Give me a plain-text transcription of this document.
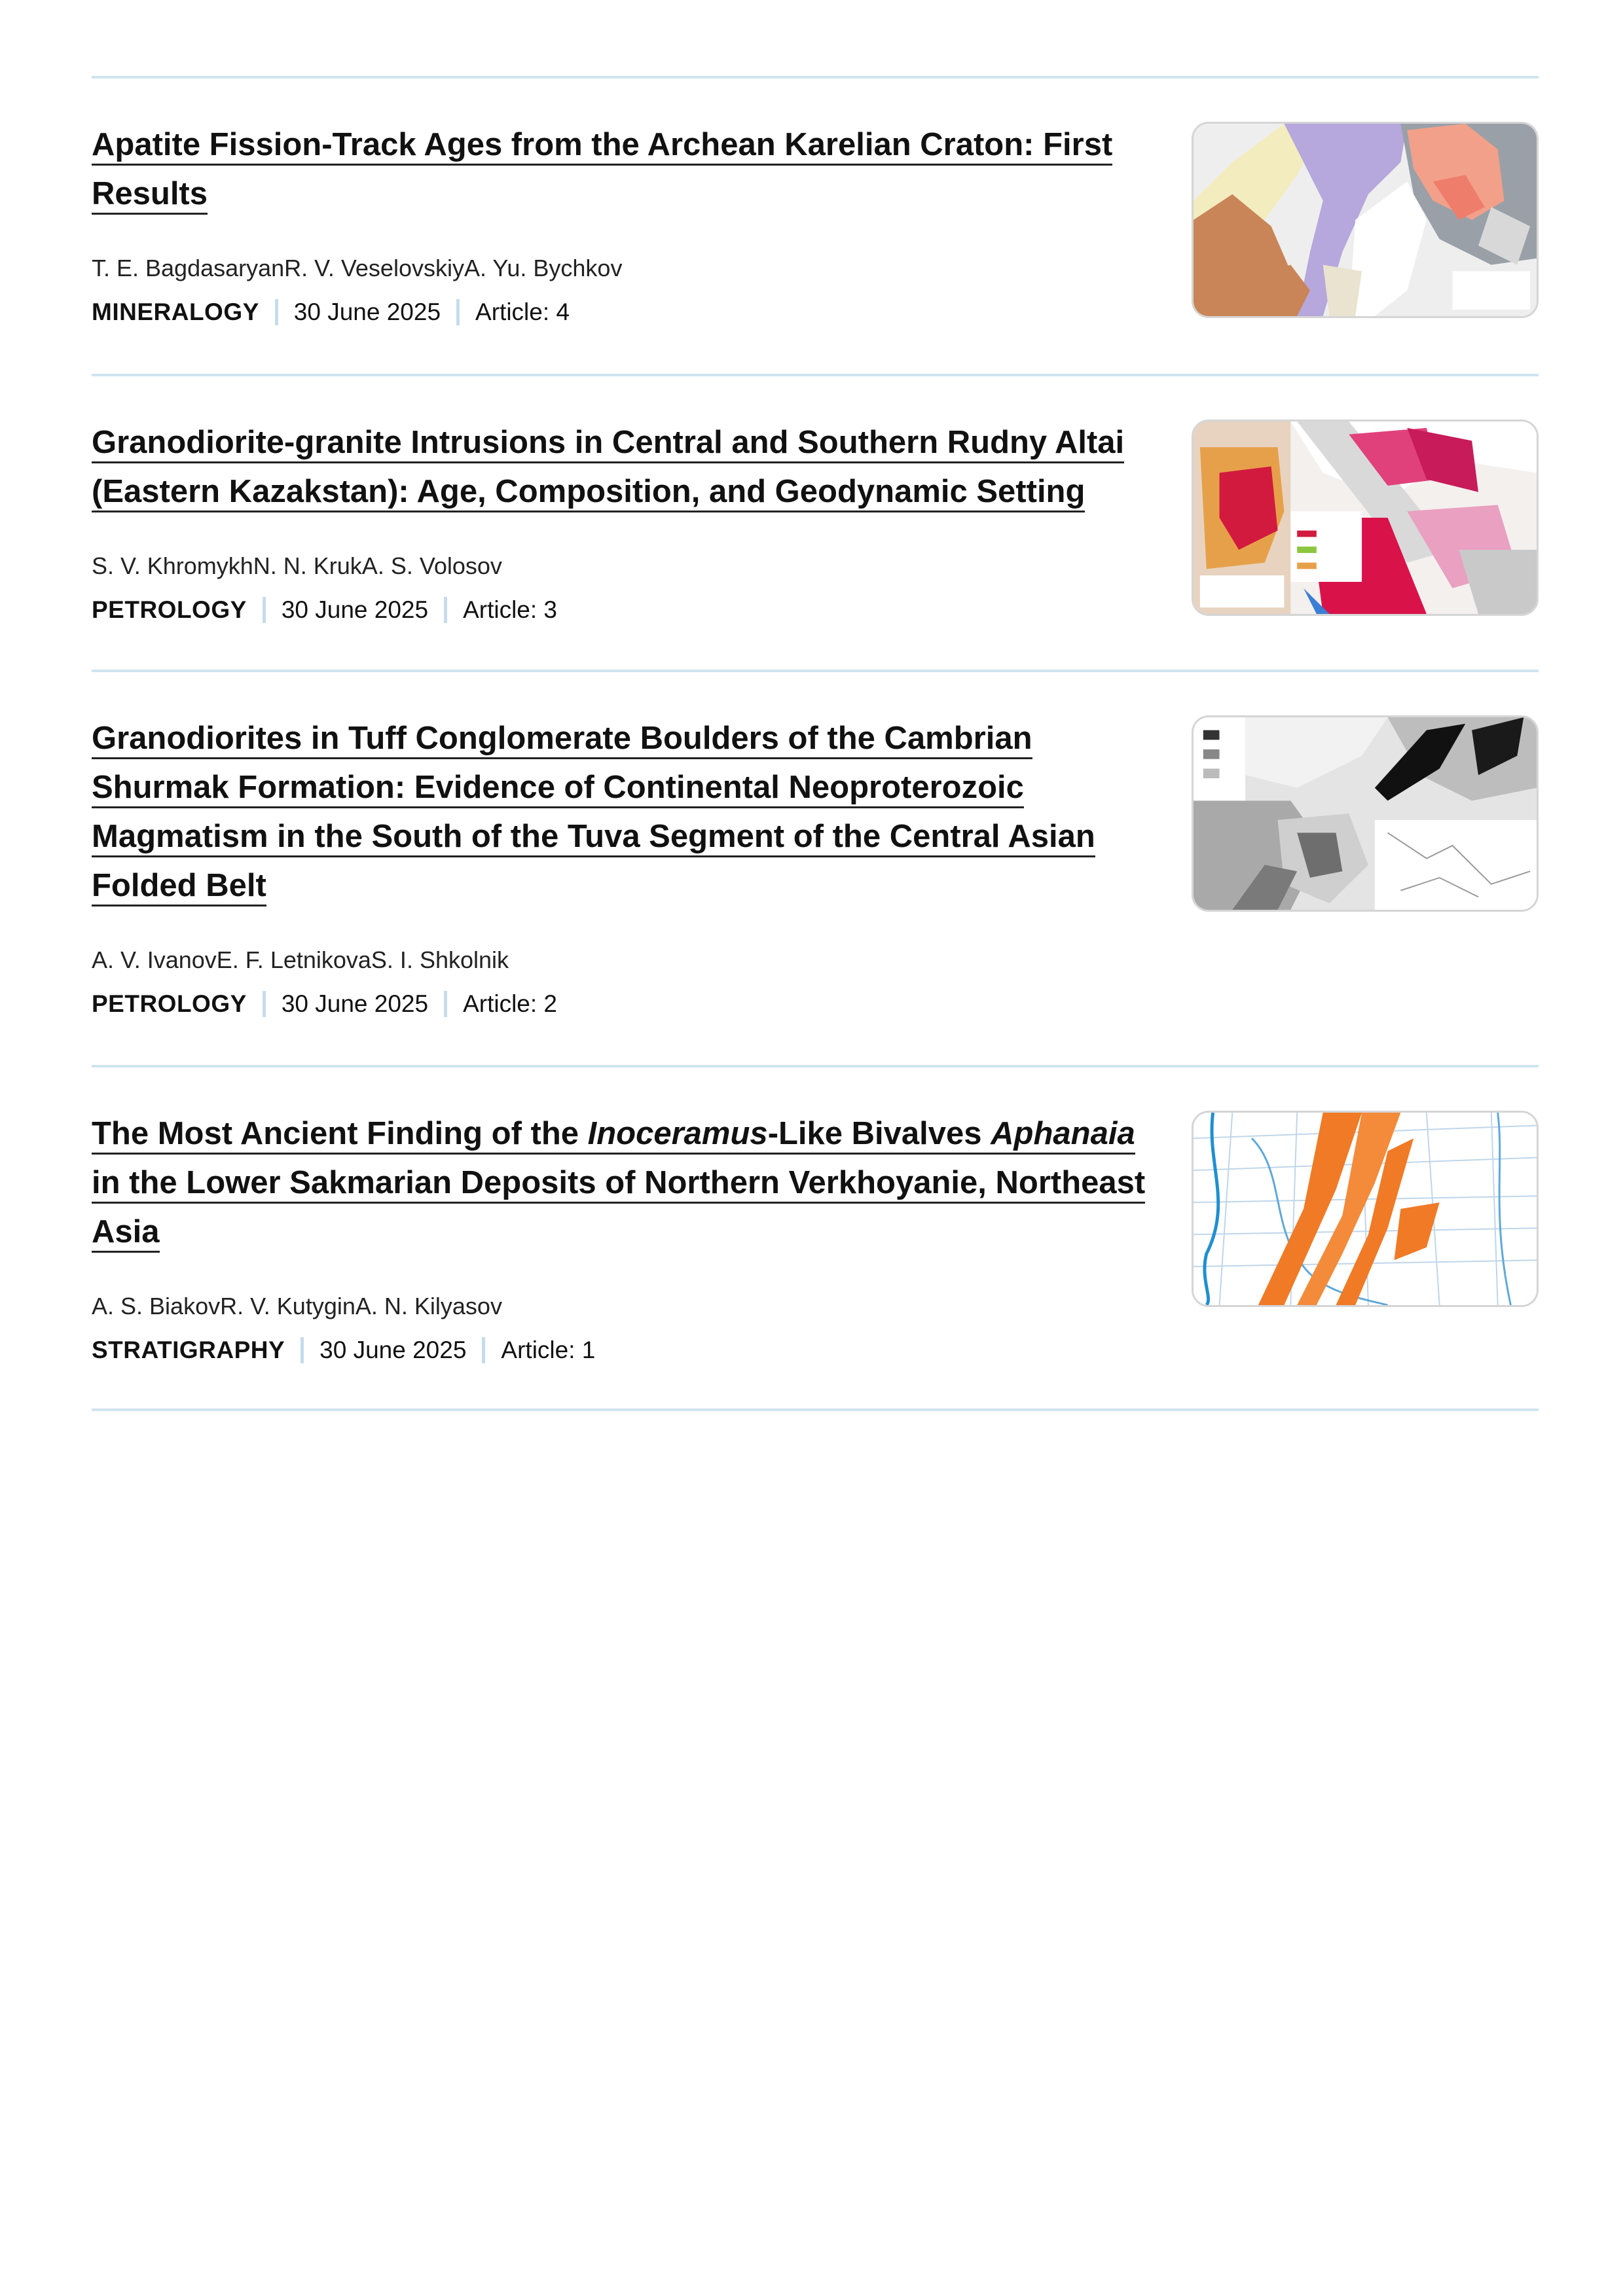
Apatite Fission-Track Ages from the Archean Karelian Craton: First Results
T. E. BagdasaryanR. V. VeselovskiyA. Yu. Bychkov
MINERALOGY 30 June 2025 Article: 4
Granodiorite-granite Intrusions in Central and Southern Rudny Altai (Eastern Kazakstan): Age, Composition, and Geodynamic Setting
S. V. KhromykhN. N. KrukA. S. Volosov
PETROLOGY 30 June 2025 Article: 3
Granodiorites in Tuff Conglomerate Boulders of the Cambrian Shurmak Formation: Evidence of Continental Neoproterozoic Magmatism in the South of the Tuva Segment of the Central Asian Folded Belt
A. V. IvanovE. F. LetnikovaS. I. Shkolnik
PETROLOGY 30 June 2025 Article: 2
The Most Ancient Finding of the Inoceramus-Like Bivalves Aphanaia in the Lower Sakmarian Deposits of Northern Verkhoyanie, Northeast Asia
A. S. BiakovR. V. KutyginA. N. Kilyasov
STRATIGRAPHY 30 June 2025 Article: 1
